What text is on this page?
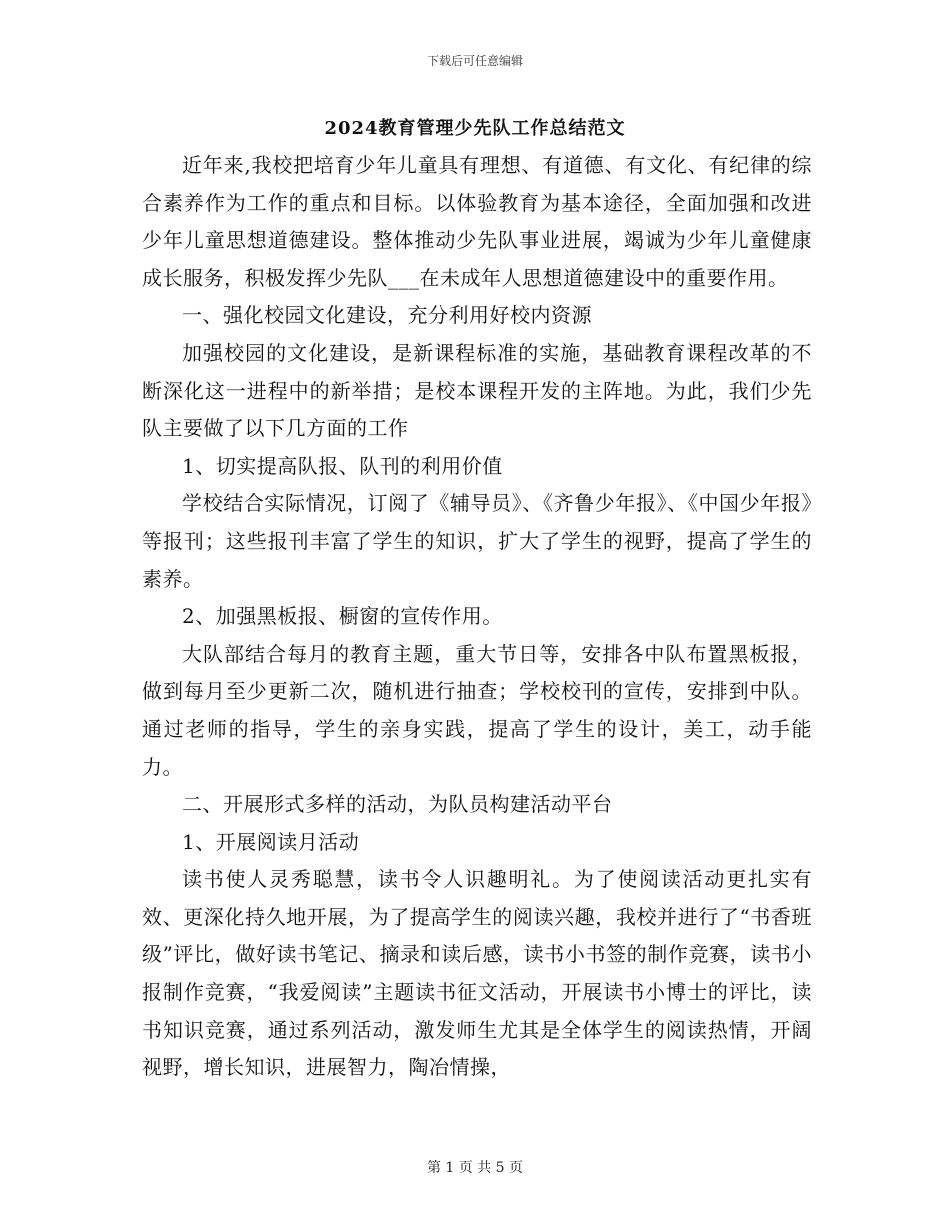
下载后可任意编辑
2024教育管理少先队工作总结范文

近年来,我校把培育少年儿童具有理想、有道德、有文化、有纪律的综合素养作为工作的重点和目标。以体验教育为基本途径，全面加强和改进少年儿童思想道德建设。整体推动少先队事业进展，竭诚为少年儿童健康成长服务，积极发挥少先队___在未成年人思想道德建设中的重要作用。

一、强化校园文化建设，充分利用好校内资源

加强校园的文化建设，是新课程标准的实施，基础教育课程改革的不断深化这一进程中的新举措；是校本课程开发的主阵地。为此，我们少先队主要做了以下几方面的工作

1、切实提高队报、队刊的利用价值

学校结合实际情况，订阅了《辅导员》、《齐鲁少年报》、《中国少年报》等报刊；这些报刊丰富了学生的知识，扩大了学生的视野，提高了学生的素养。

2、加强黑板报、橱窗的宣传作用。

大队部结合每月的教育主题，重大节日等，安排各中队布置黑板报，做到每月至少更新二次，随机进行抽查；学校校刊的宣传，安排到中队。通过老师的指导，学生的亲身实践，提高了学生的设计，美工，动手能力。

二、开展形式多样的活动，为队员构建活动平台

1、开展阅读月活动

读书使人灵秀聪慧，读书令人识趣明礼。为了使阅读活动更扎实有效、更深化持久地开展，为了提高学生的阅读兴趣，我校并进行了“书香班级”评比，做好读书笔记、摘录和读后感，读书小书签的制作竞赛，读书小报制作竞赛，“我爱阅读”主题读书征文活动，开展读书小博士的评比，读书知识竞赛，通过系列活动，激发师生尤其是全体学生的阅读热情，开阔视野，增长知识，进展智力，陶冶情操，

第 1 页 共 5 页
